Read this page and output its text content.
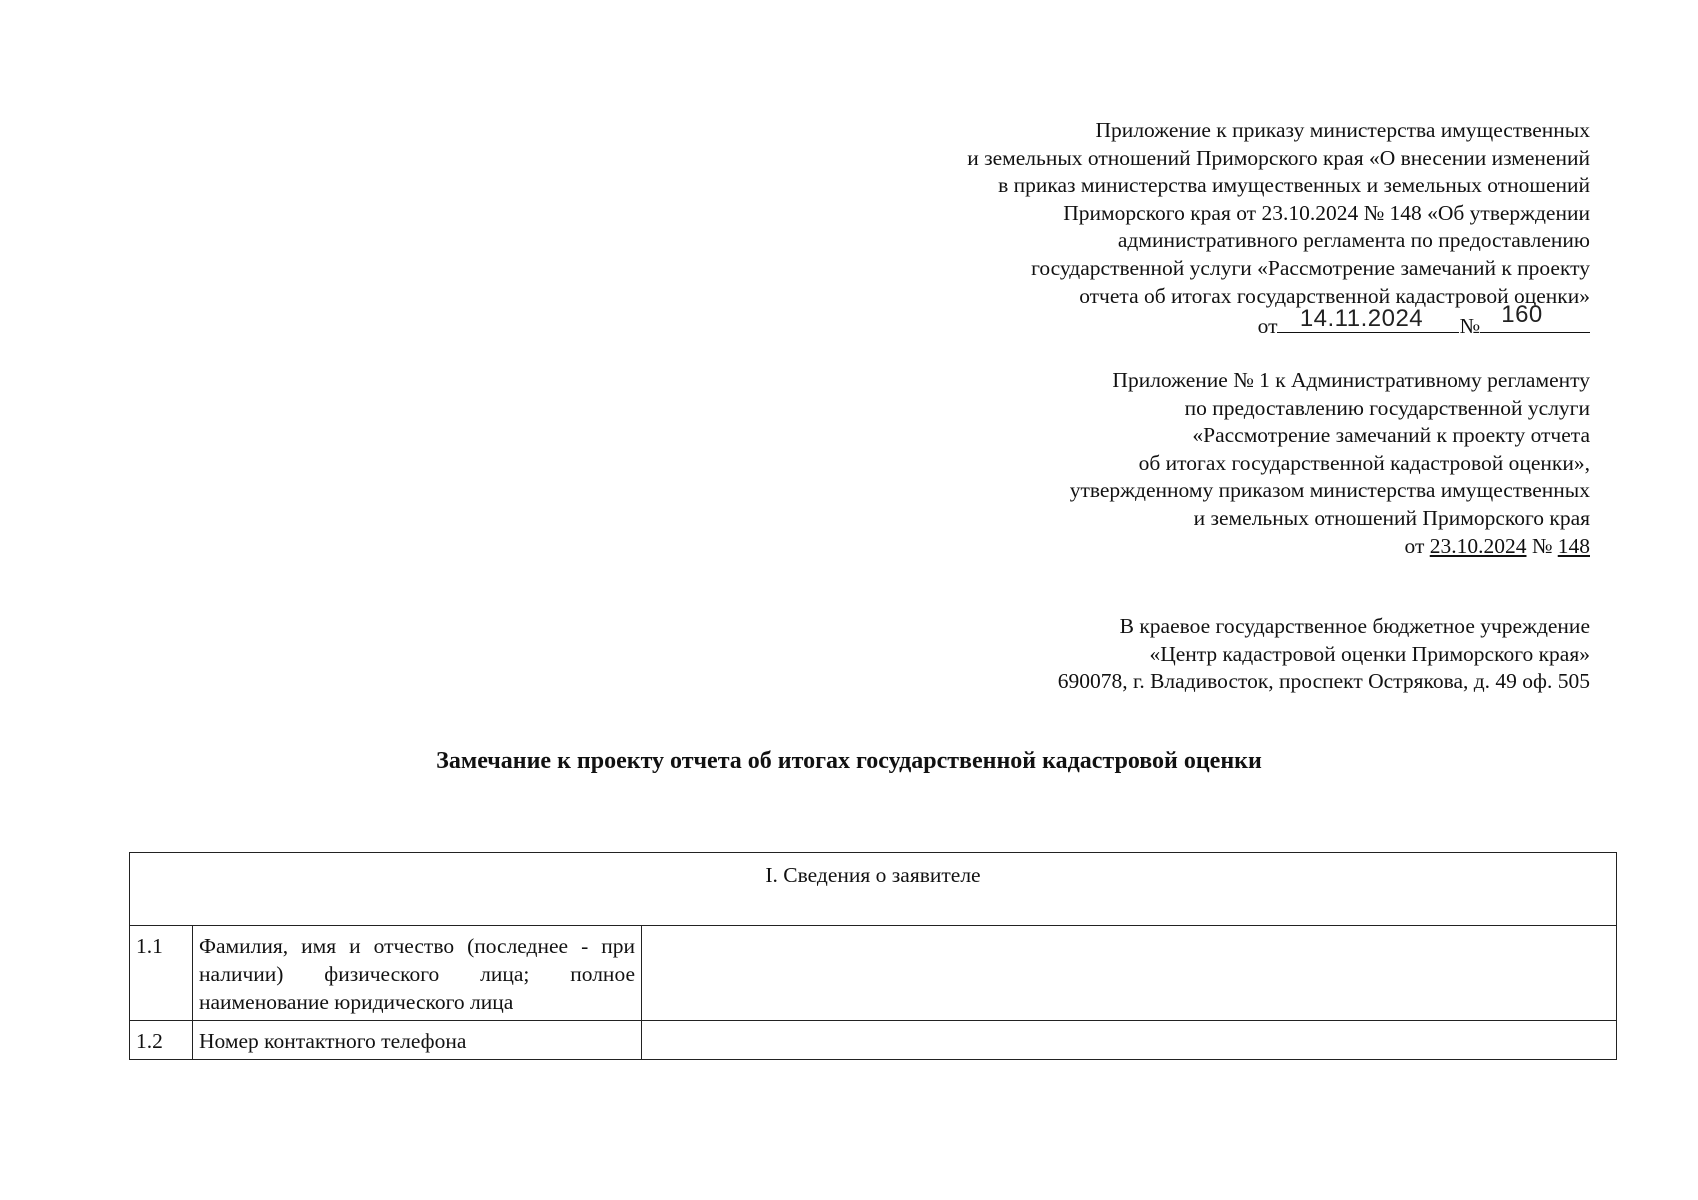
Приложение к приказу министерства имущественных
и земельных отношений Приморского края «О внесении изменений
в приказ министерства имущественных и земельных отношений
Приморского края от 23.10.2024 № 148 «Об утверждении
административного регламента по предоставлению
государственной услуги «Рассмотрение замечаний к проекту
отчета об итогах государственной кадастровой оценки»
от 14.11.2024	№ 160
Приложение № 1 к Административному регламенту
по предоставлению государственной услуги
«Рассмотрение замечаний к проекту отчета
об итогах государственной кадастровой оценки»,
утвержденному приказом министерства имущественных
и земельных отношений Приморского края
от 23.10.2024 № 148
В краевое государственное бюджетное учреждение
«Центр кадастровой оценки Приморского края»
690078, г. Владивосток, проспект Острякова, д. 49 оф. 505
Замечание к проекту отчета об итогах государственной кадастровой оценки
I. Сведения о заявителе		
1.1	Фамилия, имя и отчество (последнее - при наличии) физического лица; полное наименование юридического лица	
1.2	Номер контактного телефона	
